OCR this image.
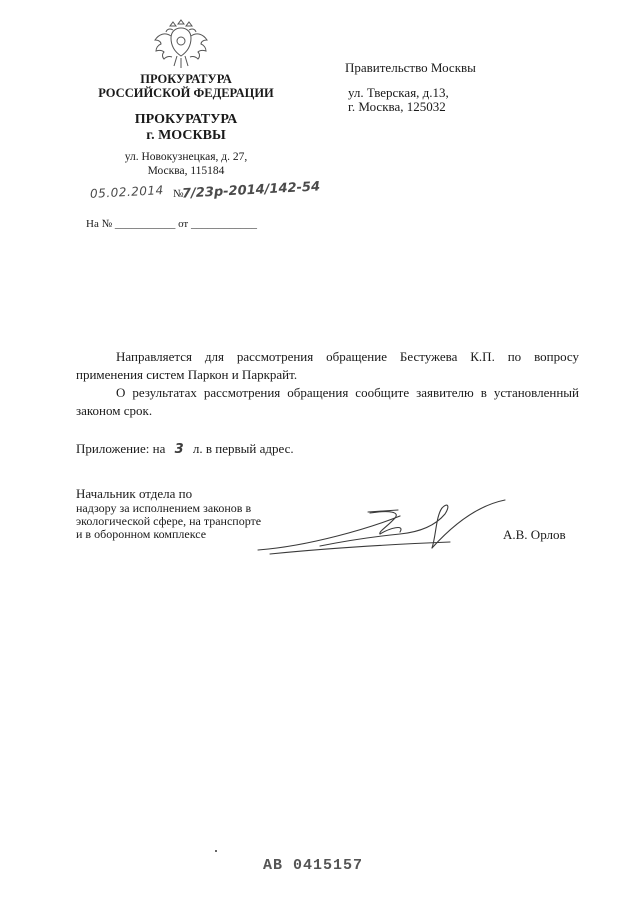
ПРОКУРАТУРА
РОССИЙСКОЙ ФЕДЕРАЦИИ
ПРОКУРАТУРА
г. МОСКВЫ
ул. Новокузнецкая, д. 27,
Москва, 115184
05.02.2014 №
7/23р-2014/142-54
На № ___________ от ____________
Правительство Москвы
ул. Тверская, д.13,
г. Москва, 125032

Направляется для рассмотрения обращение Бестужева К.П. по вопросу применения систем Паркон и Паркрайт.

О результатах рассмотрения обращения сообщите заявителю в установленный законом срок.

Приложение: на 3 л. в первый адрес.
Начальник отдела по
надзору за исполнением законов в
экологической сфере, на транспорте
и в оборонном комплексе	А.В. Орлов
АВ 0415157
